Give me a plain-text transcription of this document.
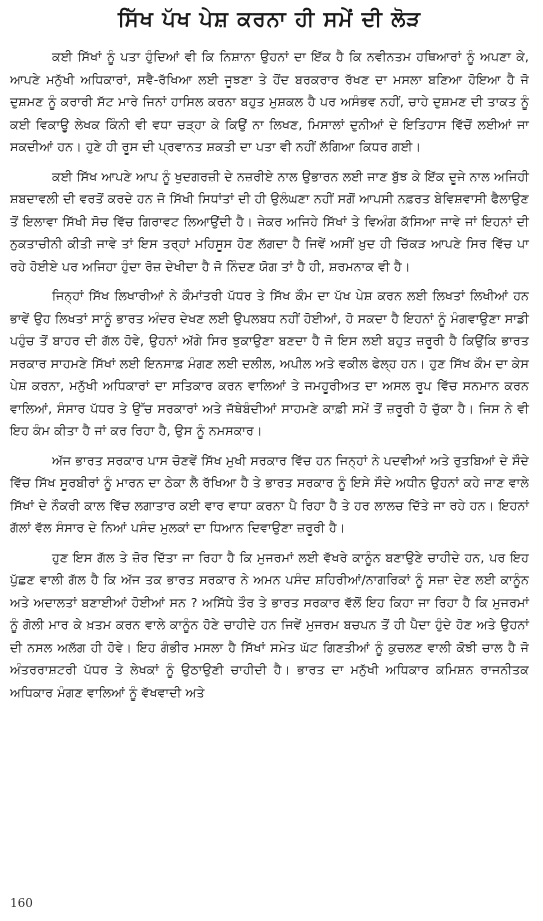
ਸਿੱਖ ਪੱਖ ਪੇਸ਼ ਕਰਨਾ ਹੀ ਸਮੇਂ ਦੀ ਲੋੜ

ਕਈ ਸਿੱਖਾਂ ਨੂੰ ਪਤਾ ਹੁੰਦਿਆਂ ਵੀ ਕਿ ਨਿਸ਼ਾਨਾ ਉਹਨਾਂ ਦਾ ਇੱਕ ਹੈ ਕਿ ਨਵੀਨਤਮ ਹਥਿਆਰਾਂ ਨੂੰ ਅਪਣਾ ਕੇ, ਆਪਣੇ ਮਨੁੱਖੀ ਅਧਿਕਾਰਾਂ, ਸਵੈ-ਰੱਖਿਆ ਲਈ ਜੂਝਣਾ ਤੇ ਹੋਂਦ ਬਰਕਰਾਰ ਰੱਖਣ ਦਾ ਮਸਲਾ ਬਣਿਆ ਹੋਇਆ ਹੈ ਜੋ ਦੁਸ਼ਮਣ ਨੂੰ ਕਰਾਰੀ ਸੱਟ ਮਾਰੇ ਜਿਨਾਂ ਹਾਸਿਲ ਕਰਨਾ ਬਹੁਤ ਮੁਸ਼ਕਲ ਹੈ ਪਰ ਅਸੰਭਵ ਨਹੀਂ, ਚਾਹੇ ਦੁਸ਼ਮਣ ਦੀ ਤਾਕਤ ਨੂੰ ਕਈ ਵਿਕਾਊ ਲੇਖਕ ਕਿੰਨੀ ਵੀ ਵਧਾ ਚੜ੍ਹਾ ਕੇ ਕਿਉਂ ਨਾ ਲਿਖਣ, ਮਿਸਾਲਾਂ ਦੁਨੀਆਂ ਦੇ ਇਤਿਹਾਸ ਵਿੱਚੋਂ ਲਈਆਂ ਜਾ ਸਕਦੀਆਂ ਹਨ। ਹੁਣੇ ਹੀ ਰੂਸ ਦੀ ਪ੍ਰਵਾਨਤ ਸ਼ਕਤੀ ਦਾ ਪਤਾ ਵੀ ਨਹੀਂ ਲੱਗਿਆ ਕਿਧਰ ਗਈ।

ਕਈ ਸਿੱਖ ਆਪਣੇ ਆਪ ਨੂੰ ਖੁਦਗਰਜ਼ੀ ਦੇ ਨਜ਼ਰੀਏ ਨਾਲ ਉਭਾਰਨ ਲਈ ਜਾਣ ਬੁੱਝ ਕੇ ਇੱਕ ਦੂਜੇ ਨਾਲ ਅਜਿਹੀ ਸ਼ਬਦਾਵਲੀ ਦੀ ਵਰਤੋਂ ਕਰਦੇ ਹਨ ਜੋ ਸਿੱਖੀ ਸਿਧਾਂਤਾਂ ਦੀ ਹੀ ਉਲੰਘਣਾ ਨਹੀਂ ਸਗੋਂ ਆਪਸੀ ਨਫ਼ਰਤ ਬੇਵਿਸ਼ਵਾਸੀ ਫੈਲਾਉਣ ਤੋਂ ਇਲਾਵਾ ਸਿੱਖੀ ਸੋਚ ਵਿੱਚ ਗਿਰਾਵਟ ਲਿਆਉਂਦੀ ਹੈ। ਜੇਕਰ ਅਜਿਹੇ ਸਿੱਖਾਂ ਤੇ ਵਿਅੰਗ ਕੱਸਿਆ ਜਾਵੇ ਜਾਂ ਇਹਨਾਂ ਦੀ ਨੁਕਤਾਚੀਨੀ ਕੀਤੀ ਜਾਵੇ ਤਾਂ ਇਸ ਤਰ੍ਹਾਂ ਮਹਿਸੂਸ ਹੋਣ ਲੱਗਦਾ ਹੈ ਜਿਵੇਂ ਅਸੀਂ ਖ਼ੁਦ ਹੀ ਚਿੱਕੜ ਆਪਣੇ ਸਿਰ ਵਿੱਚ ਪਾ ਰਹੇ ਹੋਈਏ ਪਰ ਅਜਿਹਾ ਹੁੰਦਾ ਰੋਜ਼ ਦੇਖੀਦਾ ਹੈ ਜੋ ਨਿੰਦਣ ਯੋਗ ਤਾਂ ਹੈ ਹੀ, ਸ਼ਰਮਨਾਕ ਵੀ ਹੈ।

ਜਿਨ੍ਹਾਂ ਸਿੱਖ ਲਿਖਾਰੀਆਂ ਨੇ ਕੌਮਾਂਤਰੀ ਪੱਧਰ ਤੇ ਸਿੱਖ ਕੌਮ ਦਾ ਪੱਖ ਪੇਸ਼ ਕਰਨ ਲਈ ਲਿਖਤਾਂ ਲਿਖੀਆਂ ਹਨ ਭਾਵੇਂ ਉਹ ਲਿਖਤਾਂ ਸਾਨੂੰ ਭਾਰਤ ਅੰਦਰ ਦੇਖਣ ਲਈ ਉਪਲਬਧ ਨਹੀਂ ਹੋਈਆਂ, ਹੋ ਸਕਦਾ ਹੈ ਇਹਨਾਂ ਨੂੰ ਮੰਗਵਾਉਣਾ ਸਾਡੀ ਪਹੁੰਚ ਤੋਂ ਬਾਹਰ ਦੀ ਗੱਲ ਹੋਵੇ, ਉਹਨਾਂ ਅੱਗੇ ਸਿਰ ਝੁਕਾਉਣਾ ਬਣਦਾ ਹੈ ਜੋ ਇਸ ਲਈ ਬਹੁਤ ਜ਼ਰੂਰੀ ਹੈ ਕਿਉਂਕਿ ਭਾਰਤ ਸਰਕਾਰ ਸਾਹਮਣੇ ਸਿੱਖਾਂ ਲਈ ਇਨਸਾਫ਼ ਮੰਗਣ ਲਈ ਦਲੀਲ, ਅਪੀਲ ਅਤੇ ਵਕੀਲ ਫੇਲ੍ਹ ਹਨ। ਹੁਣ ਸਿੱਖ ਕੌਮ ਦਾ ਕੇਸ ਪੇਸ਼ ਕਰਨਾ, ਮਨੁੱਖੀ ਅਧਿਕਾਰਾਂ ਦਾ ਸਤਿਕਾਰ ਕਰਨ ਵਾਲਿਆਂ ਤੇ ਜਮਹੂਰੀਅਤ ਦਾ ਅਸਲ ਰੂਪ ਵਿੱਚ ਸਨਮਾਨ ਕਰਨ ਵਾਲਿਆਂ, ਸੰਸਾਰ ਪੱਧਰ ਤੇ ਉੱਚ ਸਰਕਾਰਾਂ ਅਤੇ ਜੱਥੇਬੰਦੀਆਂ ਸਾਹਮਣੇ ਕਾਫ਼ੀ ਸਮੇਂ ਤੋਂ ਜ਼ਰੂਰੀ ਹੋ ਚੁੱਕਾ ਹੈ। ਜਿਸ ਨੇ ਵੀ ਇਹ ਕੰਮ ਕੀਤਾ ਹੈ ਜਾਂ ਕਰ ਰਿਹਾ ਹੈ, ਉਸ ਨੂੰ ਨਮਸਕਾਰ।

ਅੱਜ ਭਾਰਤ ਸਰਕਾਰ ਪਾਸ ਚੋਣਵੇਂ ਸਿੱਖ ਮੁਖੀ ਸਰਕਾਰ ਵਿੱਚ ਹਨ ਜਿਨ੍ਹਾਂ ਨੇ ਪਦਵੀਆਂ ਅਤੇ ਰੁਤਬਿਆਂ ਦੇ ਸੌਦੇ ਵਿੱਚ ਸਿੱਖ ਸੂਰਬੀਰਾਂ ਨੂੰ ਮਾਰਨ ਦਾ ਠੇਕਾ ਲੈ ਰੱਖਿਆ ਹੈ ਤੇ ਭਾਰਤ ਸਰਕਾਰ ਨੂੰ ਇਸੇ ਸੌਦੇ ਅਧੀਨ ਉਹਨਾਂ ਕਹੇ ਜਾਣ ਵਾਲੇ ਸਿੱਖਾਂ ਦੇ ਨੌਕਰੀ ਕਾਲ ਵਿੱਚ ਲਗਾਤਾਰ ਕਈ ਵਾਰ ਵਾਧਾ ਕਰਨਾ ਪੈ ਰਿਹਾ ਹੈ ਤੇ ਹਰ ਲਾਲਚ ਦਿੱਤੇ ਜਾ ਰਹੇ ਹਨ। ਇਹਨਾਂ ਗੱਲਾਂ ਵੱਲ ਸੰਸਾਰ ਦੇ ਨਿਆਂ ਪਸੰਦ ਮੁਲਕਾਂ ਦਾ ਧਿਆਨ ਦਿਵਾਉਣਾ ਜ਼ਰੂਰੀ ਹੈ।

ਹੁਣ ਇਸ ਗੱਲ ਤੇ ਜ਼ੋਰ ਦਿੱਤਾ ਜਾ ਰਿਹਾ ਹੈ ਕਿ ਮੁਜਰਮਾਂ ਲਈ ਵੱਖਰੇ ਕਾਨੂੰਨ ਬਣਾਉਣੇ ਚਾਹੀਦੇ ਹਨ, ਪਰ ਇਹ ਪੁੱਛਣ ਵਾਲੀ ਗੱਲ ਹੈ ਕਿ ਅੱਜ ਤਕ ਭਾਰਤ ਸਰਕਾਰ ਨੇ ਅਮਨ ਪਸੰਦ ਸ਼ਹਿਰੀਆਂ/ਨਾਗਰਿਕਾਂ ਨੂੰ ਸਜ਼ਾ ਦੇਣ ਲਈ ਕਾਨੂੰਨ ਅਤੇ ਅਦਾਲਤਾਂ ਬਣਾਈਆਂ ਹੋਈਆਂ ਸਨ ? ਅਸਿੱਧੇ ਤੌਰ ਤੇ ਭਾਰਤ ਸਰਕਾਰ ਵੱਲੋਂ ਇਹ ਕਿਹਾ ਜਾ ਰਿਹਾ ਹੈ ਕਿ ਮੁਜਰਮਾਂ ਨੂੰ ਗੋਲੀ ਮਾਰ ਕੇ ਖ਼ਤਮ ਕਰਨ ਵਾਲੇ ਕਾਨੂੰਨ ਹੋਣੇ ਚਾਹੀਦੇ ਹਨ ਜਿਵੇਂ ਮੁਜਰਮ ਬਚਪਨ ਤੋਂ ਹੀ ਪੈਦਾ ਹੁੰਦੇ ਹੋਣ ਅਤੇ ਉਹਨਾਂ ਦੀ ਨਸਲ ਅਲੱਗ ਹੀ ਹੋਵੇ। ਇਹ ਗੰਭੀਰ ਮਸਲਾ ਹੈ ਸਿੱਖਾਂ ਸਮੇਤ ਘੱਟ ਗਿਣਤੀਆਂ ਨੂੰ ਕੁਚਲਣ ਵਾਲੀ ਕੋਝੀ ਚਾਲ ਹੈ ਜੋ ਅੰਤਰਰਾਸ਼ਟਰੀ ਪੱਧਰ ਤੇ ਲੇਖਕਾਂ ਨੂੰ ਉਠਾਉਣੀ ਚਾਹੀਦੀ ਹੈ। ਭਾਰਤ ਦਾ ਮਨੁੱਖੀ ਅਧਿਕਾਰ ਕਮਿਸ਼ਨ ਰਾਜਨੀਤਕ ਅਧਿਕਾਰ ਮੰਗਣ ਵਾਲਿਆਂ ਨੂੰ ਵੱਖਵਾਦੀ ਅਤੇ

160
